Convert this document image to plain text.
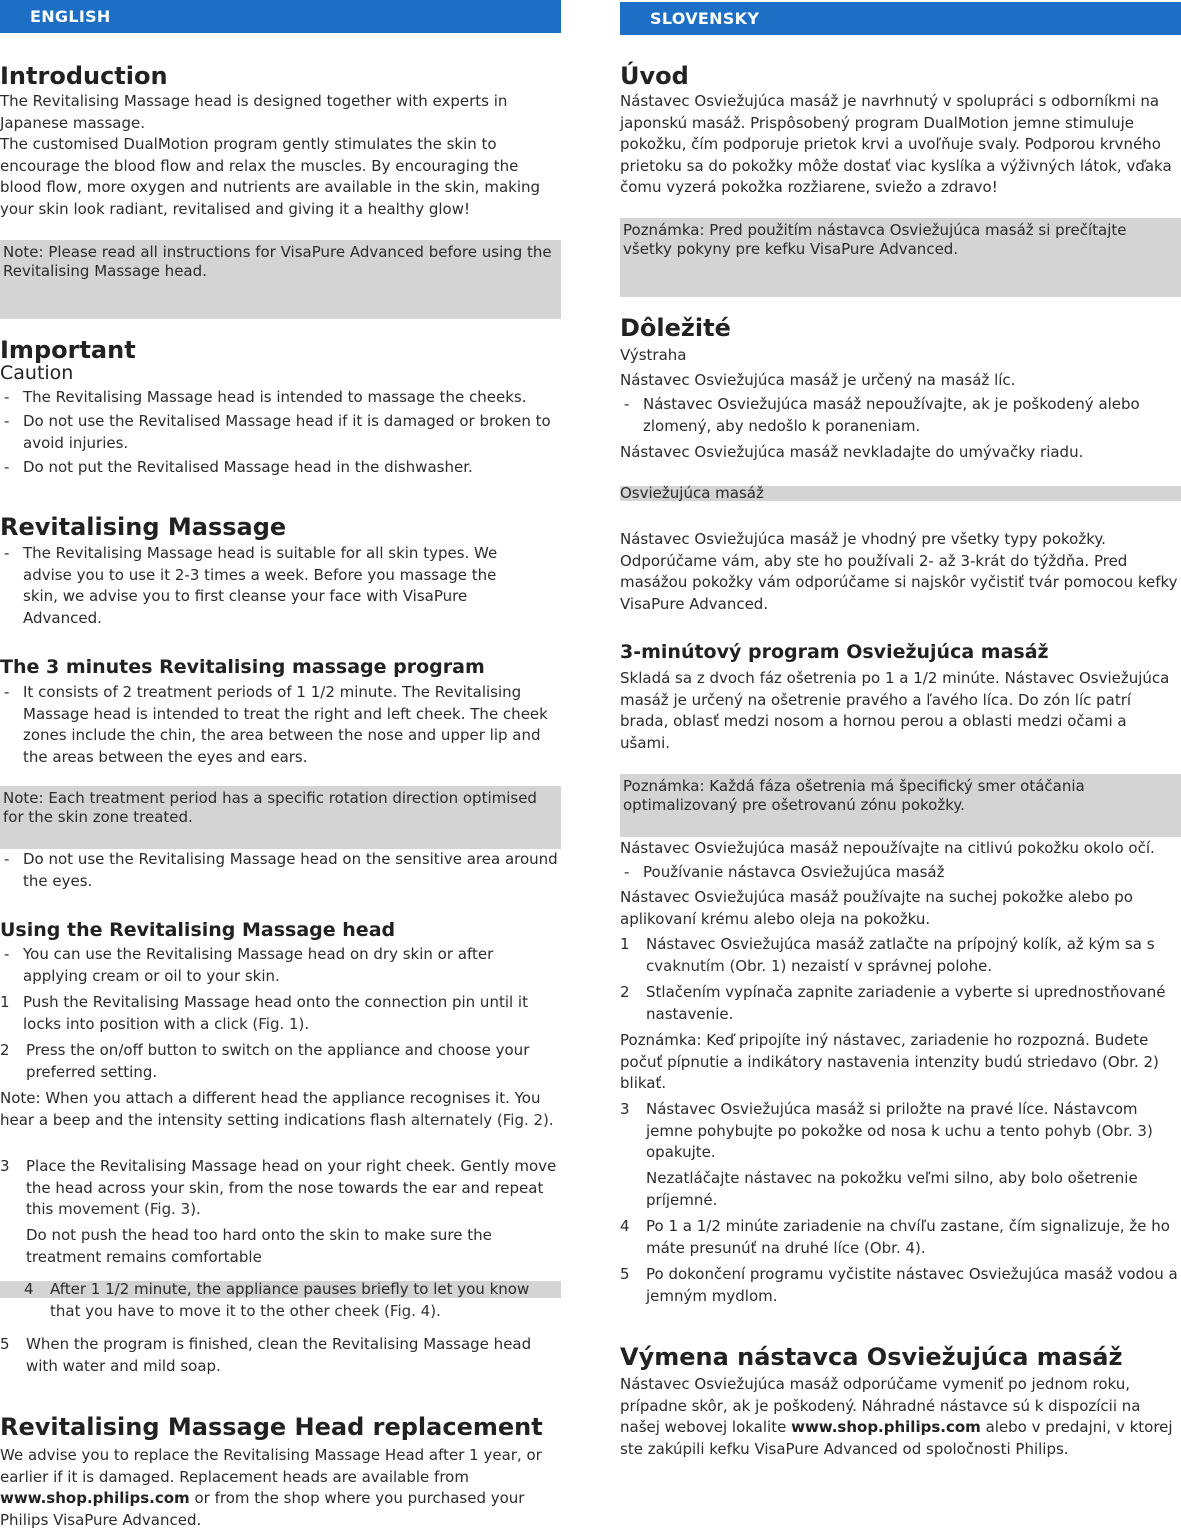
ENGLISH
Introduction

The Revitalising Massage head is designed together with experts in Japanese massage.

The customised DualMotion program gently stimulates the skin to encourage the blood flow and relax the muscles. By encouraging the blood flow, more oxygen and nutrients are available in the skin, making your skin look radiant, revitalised and giving it a healthy glow!

Note: Please read all instructions for VisaPure Advanced before using the Revitalising Massage head.
Important
Caution
- The Revitalising Massage head is intended to massage the cheeks.
- Do not use the Revitalised Massage head if it is damaged or broken to avoid injuries.
- Do not put the Revitalised Massage head in the dishwasher.
Revitalising Massage
- The Revitalising Massage head is suitable for all skin types. We advise you to use it 2-3 times a week. Before you massage the skin, we advise you to first cleanse your face with VisaPure Advanced.
The 3 minutes Revitalising massage program
- It consists of 2 treatment periods of 1 1/2 minute. The Revitalising Massage head is intended to treat the right and left cheek. The cheek zones include the chin, the area between the nose and upper lip and the areas between the eyes and ears.
Note: Each treatment period has a specific rotation direction optimised for the skin zone treated.
- Do not use the Revitalising Massage head on the sensitive area around the eyes.
Using the Revitalising Massage head
- You can use the Revitalising Massage head on dry skin or after applying cream or oil to your skin.
1 Push the Revitalising Massage head onto the connection pin until it locks into position with a click (Fig. 1).
2 Press the on/off button to switch on the appliance and choose your preferred setting.

Note: When you attach a different head the appliance recognises it. You hear a beep and the intensity setting indications flash alternately (Fig. 2).

3 Place the Revitalising Massage head on your right cheek. Gently move the head across your skin, from the nose towards the ear and repeat this movement (Fig. 3).

Do not push the head too hard onto the skin to make sure the treatment remains comfortable

4 After 1 1/2 minute, the appliance pauses briefly to let you know that you have to move it to the other cheek (Fig. 4).
5 When the program is finished, clean the Revitalising Massage head with water and mild soap.
Revitalising Massage Head replacement

We advise you to replace the Revitalising Massage Head after 1 year, or earlier if it is damaged. Replacement heads are available from www.shop.philips.com or from the shop where you purchased your Philips VisaPure Advanced.

SLOVENSKY
Úvod

Nástavec Osviežujúca masáž je navrhnutý v spolupráci s odborníkmi na japonskú masáž. Prispôsobený program DualMotion jemne stimuluje pokožku, čím podporuje prietok krvi a uvoľňuje svaly. Podporou krvného prietoku sa do pokožky môže dostať viac kyslíka a výživných látok, vďaka čomu vyzerá pokožka rozžiarene, sviežo a zdravo!

Poznámka: Pred použitím nástavca Osviežujúca masáž si prečítajte všetky pokyny pre kefku VisaPure Advanced.
Dôležité

Výstraha

Nástavec Osviežujúca masáž je určený na masáž líc.

- Nástavec Osviežujúca masáž nepoužívajte, ak je poškodený alebo zlomený, aby nedošlo k poraneniam.

Nástavec Osviežujúca masáž nevkladajte do umývačky riadu.

Osviežujúca masáž

Nástavec Osviežujúca masáž je vhodný pre všetky typy pokožky. Odporúčame vám, aby ste ho používali 2- až 3-krát do týždňa. Pred masážou pokožky vám odporúčame si najskôr vyčistiť tvár pomocou kefky VisaPure Advanced.

3-minútový program Osviežujúca masáž

Skladá sa z dvoch fáz ošetrenia po 1 a 1/2 minúte. Nástavec Osviežujúca masáž je určený na ošetrenie pravého a ľavého líca. Do zón líc patrí brada, oblasť medzi nosom a hornou perou a oblasti medzi očami a ušami.

Poznámka: Každá fáza ošetrenia má špecifický smer otáčania optimalizovaný pre ošetrovanú zónu pokožky.

Nástavec Osviežujúca masáž nepoužívajte na citlivú pokožku okolo očí.

- Používanie nástavca Osviežujúca masáž

Nástavec Osviežujúca masáž používajte na suchej pokožke alebo po aplikovaní krému alebo oleja na pokožku.

1 Nástavec Osviežujúca masáž zatlačte na prípojný kolík, až kým sa s cvaknutím (Obr. 1) nezaistí v správnej polohe.
2 Stlačením vypínača zapnite zariadenie a vyberte si uprednostňované nastavenie.

Poznámka: Keď pripojíte iný nástavec, zariadenie ho rozpozná. Budete počuť pípnutie a indikátory nastavenia intenzity budú striedavo (Obr. 2) blikať.

3 Nástavec Osviežujúca masáž si priložte na pravé líce. Nástavcom jemne pohybujte po pokožke od nosa k uchu a tento pohyb (Obr. 3) opakujte.

Nezatláčajte nástavec na pokožku veľmi silno, aby bolo ošetrenie príjemné.

4 Po 1 a 1/2 minúte zariadenie na chvíľu zastane, čím signalizuje, že ho máte presunúť na druhé líce (Obr. 4).
5 Po dokončení programu vyčistite nástavec Osviežujúca masáž vodou a jemným mydlom.
Výmena nástavca Osviežujúca masáž

Nástavec Osviežujúca masáž odporúčame vymeniť po jednom roku, prípadne skôr, ak je poškodený. Náhradné nástavce sú k dispozícii na našej webovej lokalite www.shop.philips.com alebo v predajni, v ktorej ste zakúpili kefku VisaPure Advanced od spoločnosti Philips.
